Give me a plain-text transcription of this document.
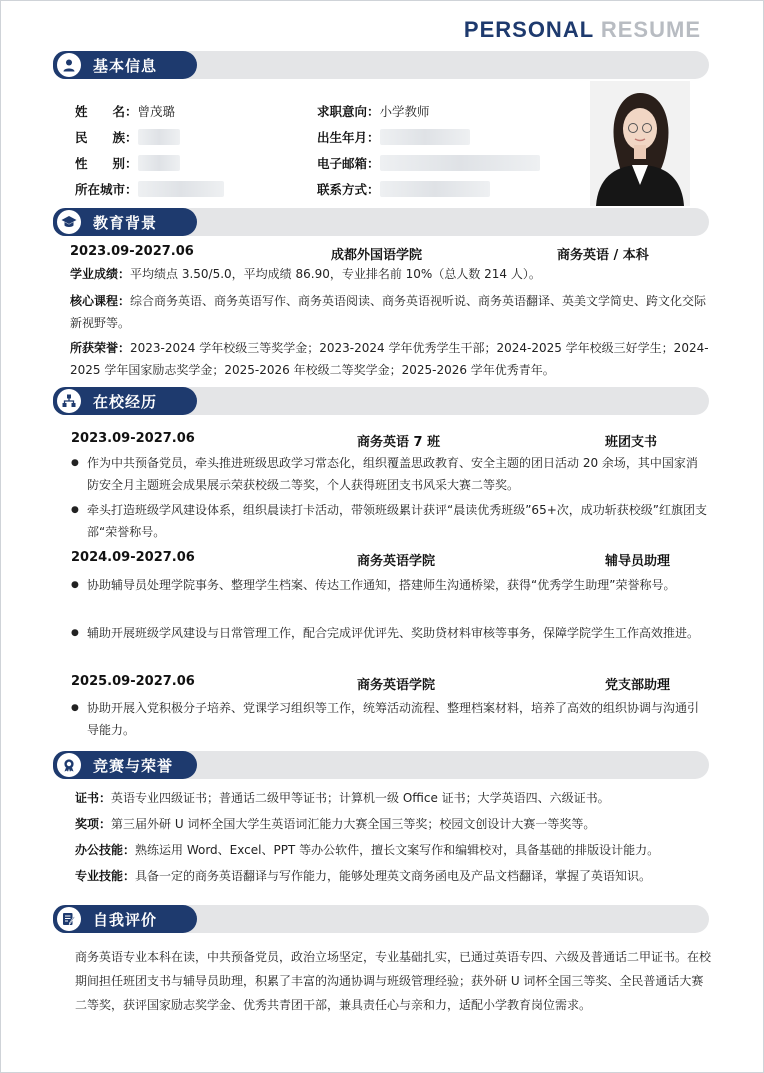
PERSONAL RESUME
基本信息
姓　　名： 曾茂璐
民　　族：
性　　别：
所在城市：
求职意向： 小学教师
出生年月：
电子邮箱：
联系方式：
教育背景
2023.09-2027.06	成都外国语学院	商务英语 / 本科
学业成绩：平均绩点 3.50/5.0，平均成绩 86.90，专业排名前 10%（总人数 214 人）。
核心课程：综合商务英语、商务英语写作、商务英语阅读、商务英语视听说、商务英语翻译、英美文学简史、跨文化交际新视野等。
所获荣誉：2023-2024 学年校级三等奖学金；2023-2024 学年优秀学生干部；2024-2025 学年校级三好学生；2024-2025 学年国家励志奖学金；2025-2026 年校级二等奖学金；2025-2026 学年优秀青年。
在校经历
2023.09-2027.06	商务英语 7 班	班团支书
● 作为中共预备党员，牵头推进班级思政学习常态化，组织覆盖思政教育、安全主题的团日活动 20 余场，其中国家消防安全月主题班会成果展示荣获校级二等奖，个人获得班团支书风采大赛二等奖。
● 牵头打造班级学风建设体系，组织晨读打卡活动，带领班级累计获评“晨读优秀班级”65+次，成功斩获校级”红旗团支部“荣誉称号。
2024.09-2027.06	商务英语学院	辅导员助理
● 协助辅导员处理学院事务、整理学生档案、传达工作通知，搭建师生沟通桥梁，获得“优秀学生助理”荣誉称号。
● 辅助开展班级学风建设与日常管理工作，配合完成评优评先、奖助贷材料审核等事务，保障学院学生工作高效推进。
2025.09-2027.06	商务英语学院	党支部助理
● 协助开展入党积极分子培养、党课学习组织等工作，统筹活动流程、整理档案材料，培养了高效的组织协调与沟通引导能力。
竞赛与荣誉
证书：英语专业四级证书；普通话二级甲等证书；计算机一级 Office 证书；大学英语四、六级证书。
奖项：第三届外研 U 词杯全国大学生英语词汇能力大赛全国三等奖；校园文创设计大赛一等奖等。
办公技能：熟练运用 Word、Excel、PPT 等办公软件，擅长文案写作和编辑校对，具备基础的排版设计能力。
专业技能：具备一定的商务英语翻译与写作能力，能够处理英文商务函电及产品文档翻译，掌握了英语知识。
自我评价
商务英语专业本科在读，中共预备党员，政治立场坚定，专业基础扎实，已通过英语专四、六级及普通话二甲证书。在校期间担任班团支书与辅导员助理，积累了丰富的沟通协调与班级管理经验；获外研 U 词杯全国三等奖、全民普通话大赛二等奖，获评国家励志奖学金、优秀共青团干部，兼具责任心与亲和力，适配小学教育岗位需求。
